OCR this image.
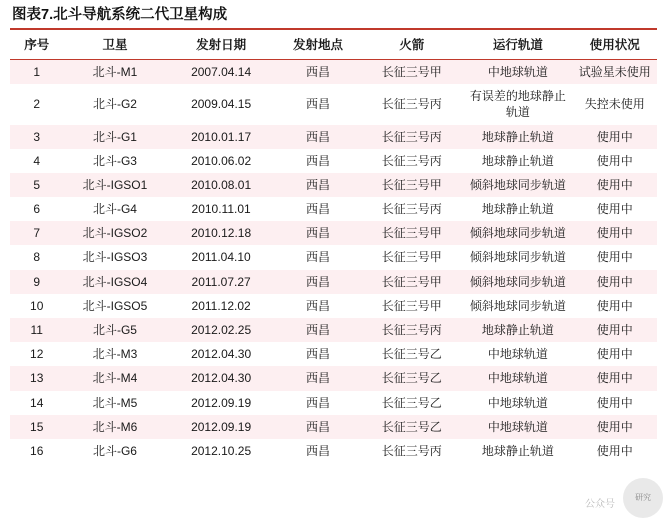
图表7.北斗导航系统二代卫星构成
序号	卫星	发射日期	发射地点	火箭	运行轨道	使用状况
1	北斗-M1	2007.04.14	西昌	长征三号甲	中地球轨道	试验星未使用
2	北斗-G2	2009.04.15	西昌	长征三号丙	有误差的地球静止轨道	失控未使用
3	北斗-G1	2010.01.17	西昌	长征三号丙	地球静止轨道	使用中
4	北斗-G3	2010.06.02	西昌	长征三号丙	地球静止轨道	使用中
5	北斗-IGSO1	2010.08.01	西昌	长征三号甲	倾斜地球同步轨道	使用中
6	北斗-G4	2010.11.01	西昌	长征三号丙	地球静止轨道	使用中
7	北斗-IGSO2	2010.12.18	西昌	长征三号甲	倾斜地球同步轨道	使用中
8	北斗-IGSO3	2011.04.10	西昌	长征三号甲	倾斜地球同步轨道	使用中
9	北斗-IGSO4	2011.07.27	西昌	长征三号甲	倾斜地球同步轨道	使用中
10	北斗-IGSO5	2011.12.02	西昌	长征三号甲	倾斜地球同步轨道	使用中
11	北斗-G5	2012.02.25	西昌	长征三号丙	地球静止轨道	使用中
12	北斗-M3	2012.04.30	西昌	长征三号乙	中地球轨道	使用中
13	北斗-M4	2012.04.30	西昌	长征三号乙	中地球轨道	使用中
14	北斗-M5	2012.09.19	西昌	长征三号乙	中地球轨道	使用中
15	北斗-M6	2012.09.19	西昌	长征三号乙	中地球轨道	使用中
16	北斗-G6	2012.10.25	西昌	长征三号丙	地球静止轨道	使用中
公众号
研究
